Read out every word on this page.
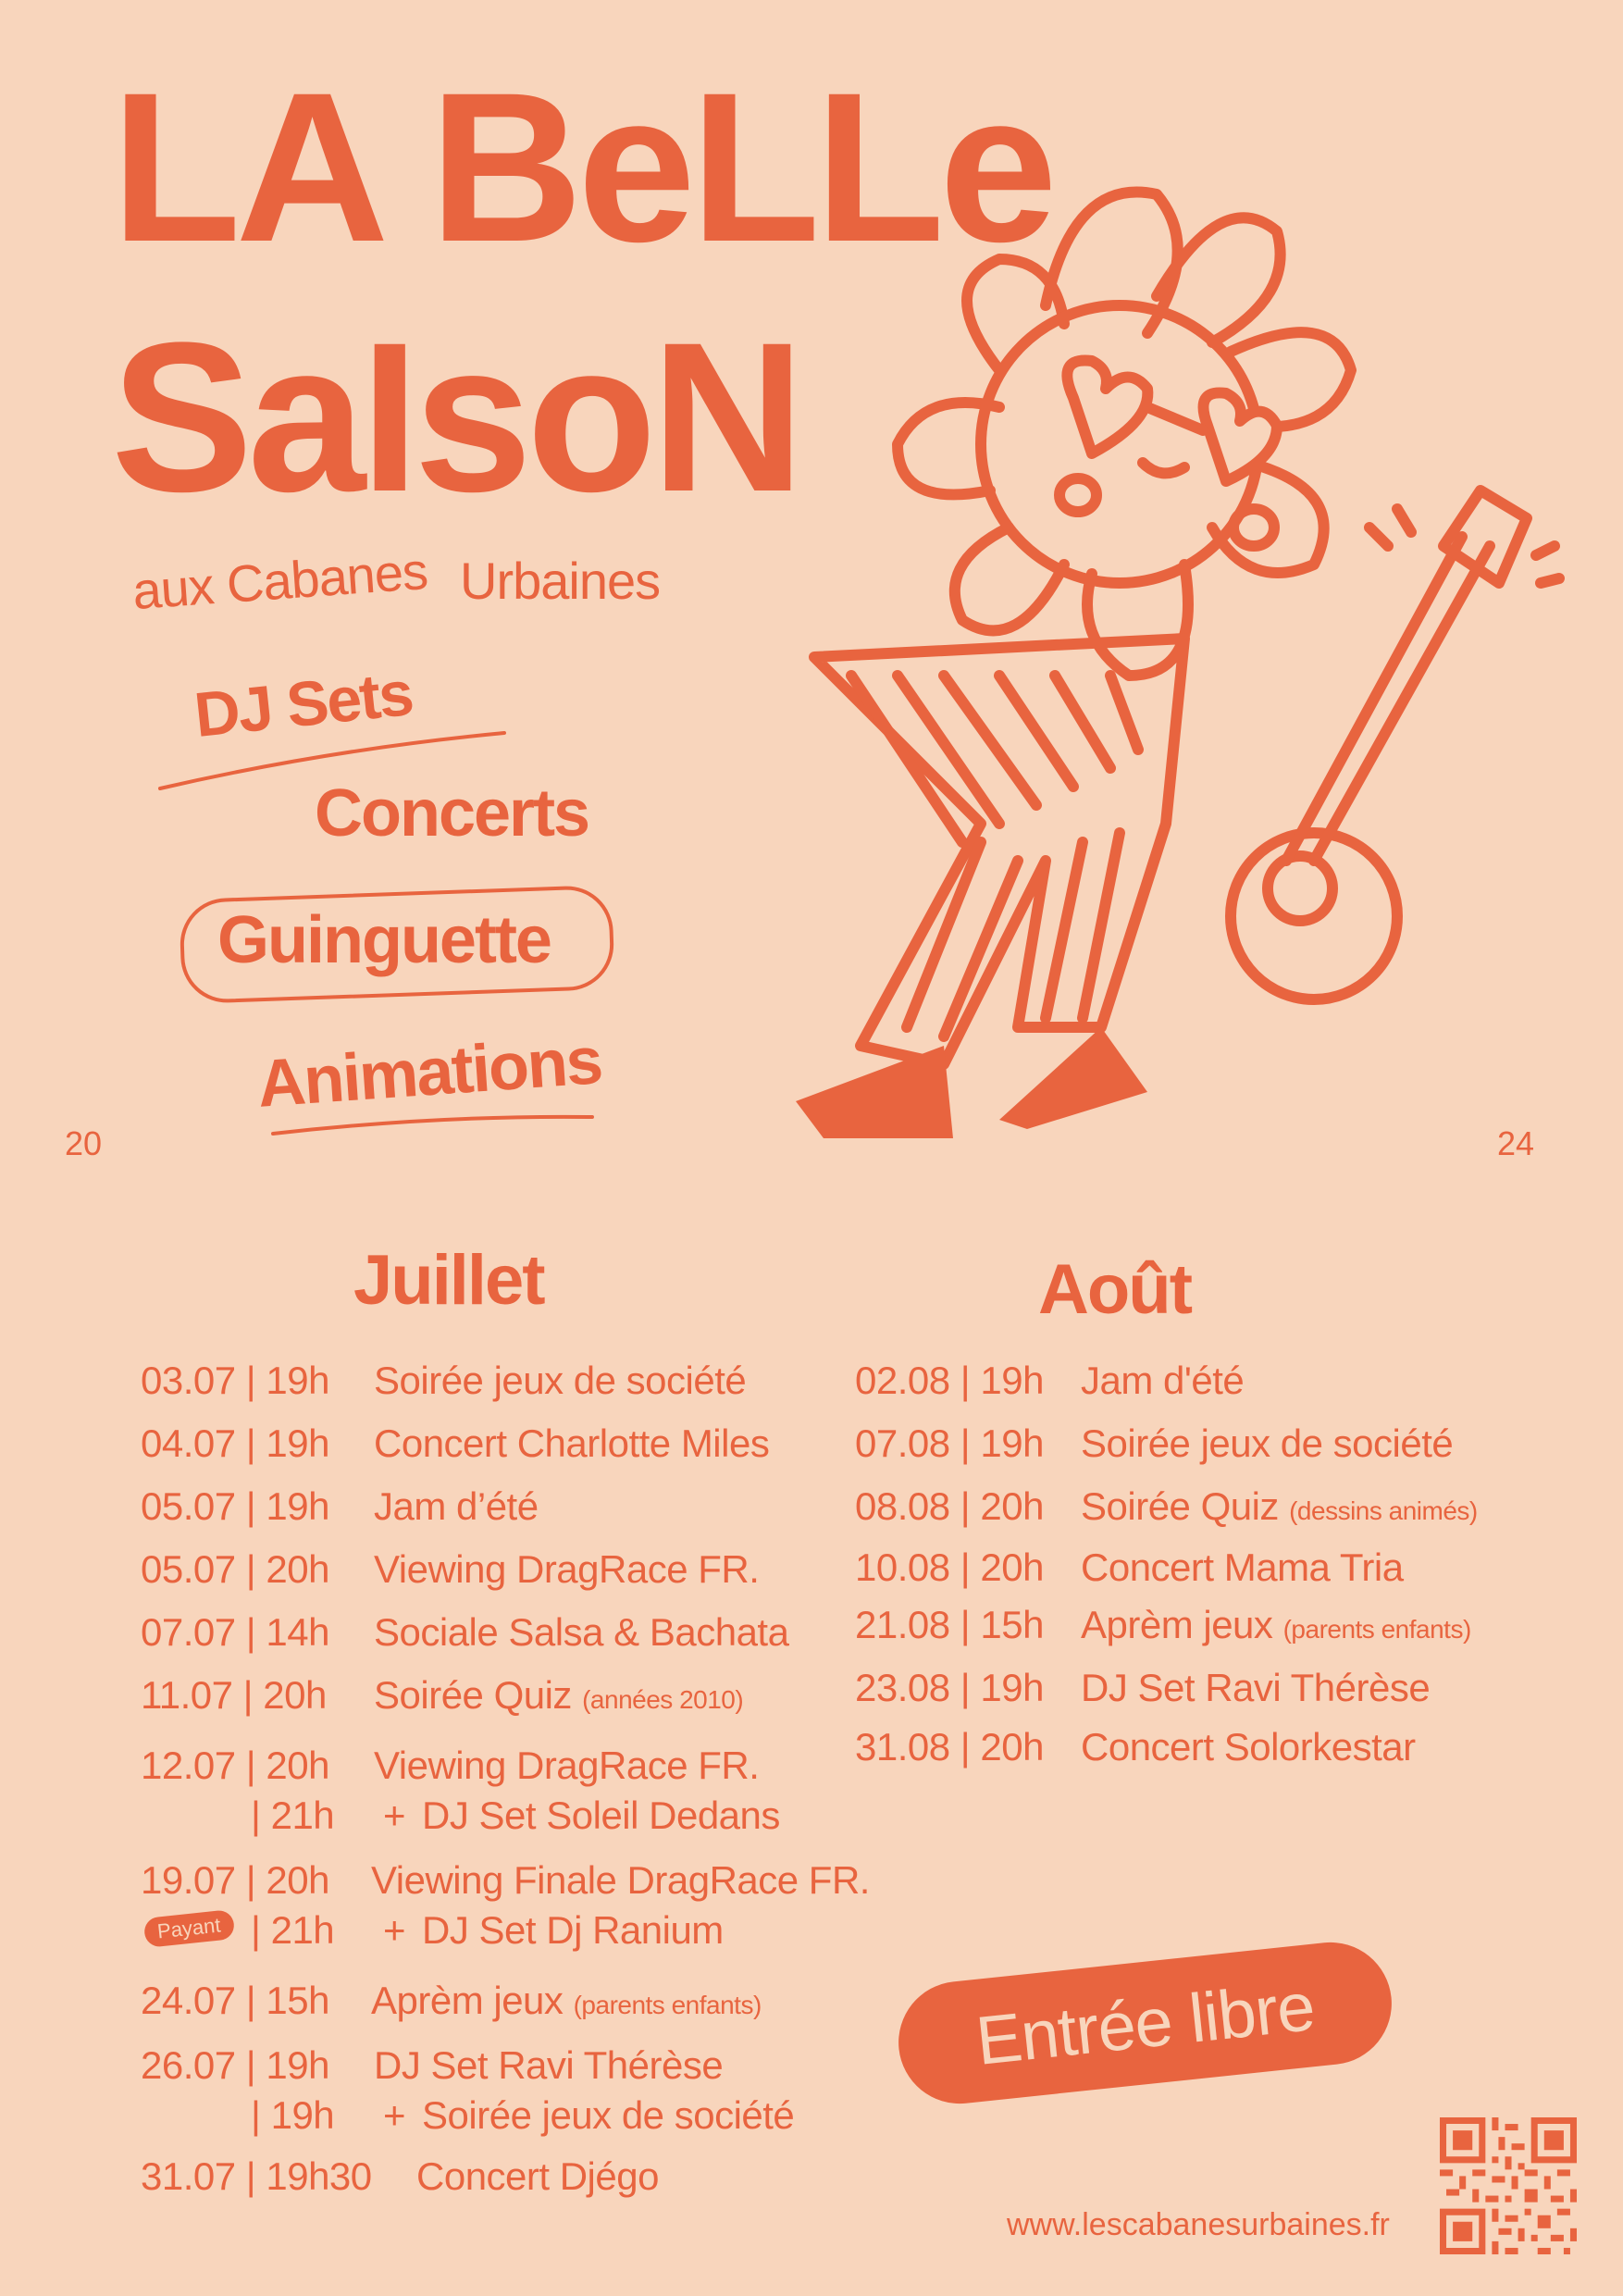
LA BeLLe
SaIsoN
aux Cabanes Urbaines
DJ Sets
Concerts
Guinguette
Animations
20	24
Juillet	Août
03.07 | 19h Soirée jeux de société
04.07 | 19h Concert Charlotte Miles
05.07 | 19h Jam d’été
05.07 | 20h Viewing DragRace FR.
07.07 | 14h Sociale Salsa & Bachata
11.07 | 20h Soirée Quiz (années 2010)
12.07 | 20h Viewing DragRace FR.
| 21h + DJ Set Soleil Dedans
19.07 | 20h Viewing Finale DragRace FR.
Payant | 21h + DJ Set Dj Ranium
24.07 | 15h Aprèm jeux (parents enfants)
26.07 | 19h DJ Set Ravi Thérèse
| 19h + Soirée jeux de société
31.07 | 19h30 Concert Djégo
02.08 | 19h Jam d'été
07.08 | 19h Soirée jeux de société
08.08 | 20h Soirée Quiz (dessins animés)
10.08 | 20h Concert Mama Tria
21.08 | 15h Aprèm jeux (parents enfants)
23.08 | 19h DJ Set Ravi Thérèse
31.08 | 20h Concert Solorkestar
Entrée libre
www.lescabanesurbaines.fr
